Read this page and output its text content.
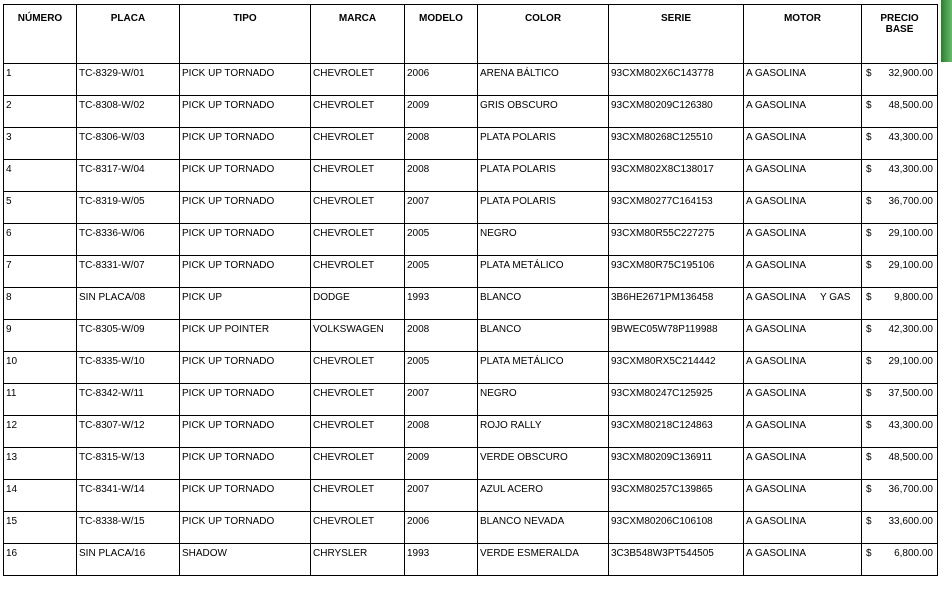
NÚMERO	PLACA	TIPO	MARCA	MODELO	COLOR	SERIE	MOTOR	PRECIO
BASE
1	TC-8329-W/01	PICK UP TORNADO	CHEVROLET	2006	ARENA BÁLTICO	93CXM802X6C143778	A GASOLINA	$ 32,900.00

2	TC-8308-W/02	PICK UP TORNADO	CHEVROLET	2009	GRIS OBSCURO	93CXM80209C126380	A GASOLINA	$ 48,500.00

3	TC-8306-W/03	PICK UP TORNADO	CHEVROLET	2008	PLATA POLARIS	93CXM80268C125510	A GASOLINA	$ 43,300.00

4	TC-8317-W/04	PICK UP TORNADO	CHEVROLET	2008	PLATA POLARIS	93CXM802X8C138017	A GASOLINA	$ 43,300.00

5	TC-8319-W/05	PICK UP TORNADO	CHEVROLET	2007	PLATA POLARIS	93CXM80277C164153	A GASOLINA	$ 36,700.00

6	TC-8336-W/06	PICK UP TORNADO	CHEVROLET	2005	NEGRO	93CXM80R55C227275	A GASOLINA	$ 29,100.00

7	TC-8331-W/07	PICK UP TORNADO	CHEVROLET	2005	PLATA METÁLICO	93CXM80R75C195106	A GASOLINA	$ 29,100.00

8	SIN PLACA/08	PICK UP	DODGE	1993	BLANCO	3B6HE2671PM136458	A GASOLINA Y GAS	$ 9,800.00

9	TC-8305-W/09	PICK UP POINTER	VOLKSWAGEN	2008	BLANCO	9BWEC05W78P119988	A GASOLINA	$ 42,300.00

10	TC-8335-W/10	PICK UP TORNADO	CHEVROLET	2005	PLATA METÁLICO	93CXM80RX5C214442	A GASOLINA	$ 29,100.00

11	TC-8342-W/11	PICK UP TORNADO	CHEVROLET	2007	NEGRO	93CXM80247C125925	A GASOLINA	$ 37,500.00

12	TC-8307-W/12	PICK UP TORNADO	CHEVROLET	2008	ROJO RALLY	93CXM80218C124863	A GASOLINA	$ 43,300.00

13	TC-8315-W/13	PICK UP TORNADO	CHEVROLET	2009	VERDE OBSCURO	93CXM80209C136911	A GASOLINA	$ 48,500.00

14	TC-8341-W/14	PICK UP TORNADO	CHEVROLET	2007	AZUL ACERO	93CXM80257C139865	A GASOLINA	$ 36,700.00

15	TC-8338-W/15	PICK UP TORNADO	CHEVROLET	2006	BLANCO NEVADA	93CXM80206C106108	A GASOLINA	$ 33,600.00

16	SIN PLACA/16	SHADOW	CHRYSLER	1993	VERDE ESMERALDA	3C3B548W3PT544505	A GASOLINA	$ 6,800.00
